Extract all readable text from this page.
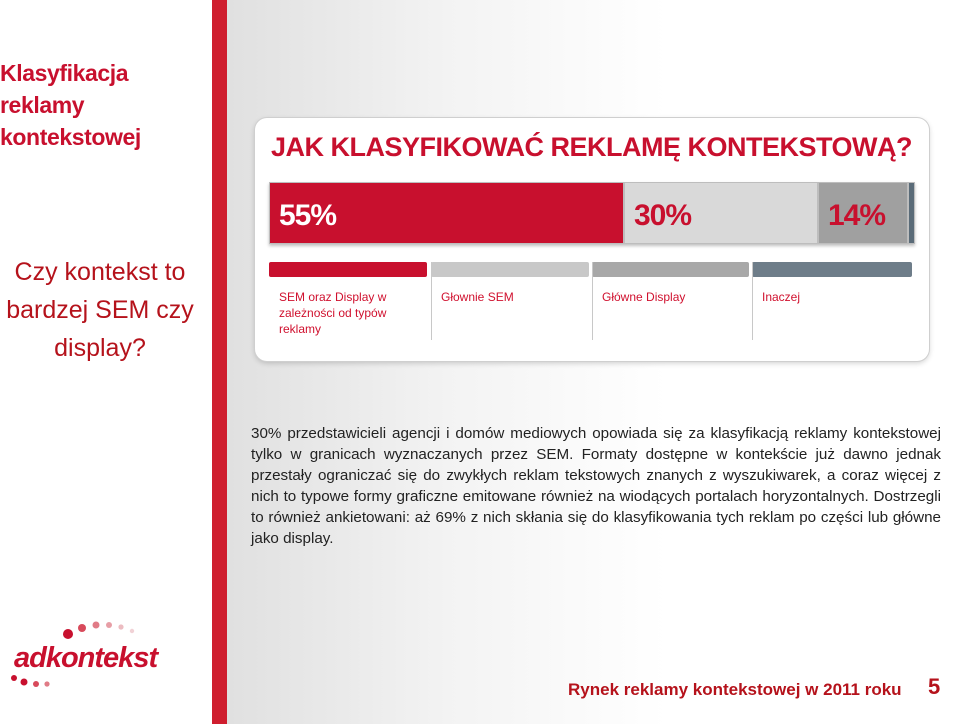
Klasyfikacja reklamy kontekstowej
Czy kontekst to bardzej SEM czy display?
adkontekst
JAK KLASYFIKOWAĆ REKLAMĘ KONTEKSTOWĄ?
55%	30%	14%
SEM oraz Display w zależności od typów reklamy
Głownie SEM	Główne Display	Inaczej
30% przedstawicieli agencji i domów mediowych opowiada się za klasyfikacją reklamy kontekstowej tylko w granicach wyznaczanych przez SEM. Formaty dostępne w kontekście już dawno jednak przestały ograniczać się do zwykłych reklam tekstowych znanych z wyszukiwarek, a coraz więcej z nich to typowe formy graficzne emitowane również na wiodących portalach horyzontalnych. Dostrzegli to również ankietowani: aż 69% z nich skłania się do klasyfikowania tych reklam po części lub główne jako display.
Rynek reklamy kontekstowej w 2011 roku 5
